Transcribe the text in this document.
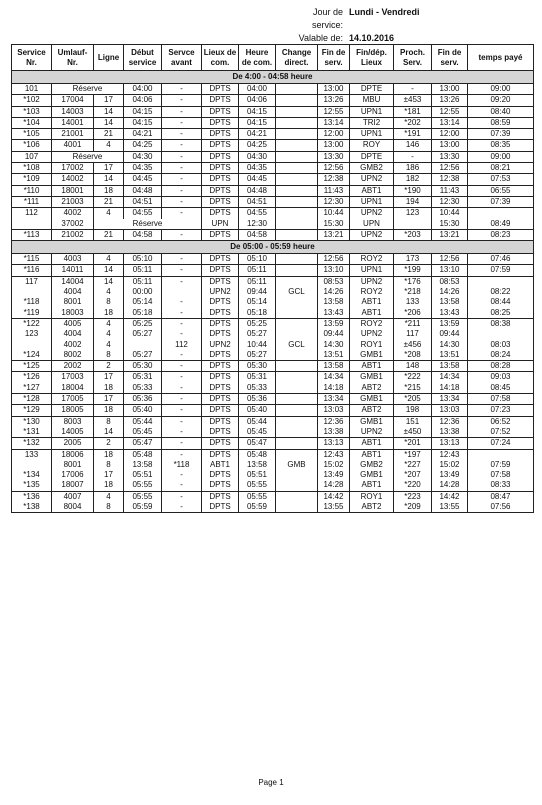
Jour de service:
Lundi - Vendredi
Valable de: 14.10.2016
Service Nr.	Umlauf-Nr.	Ligne	Début service	Servce avant	Lieux de com.	Heure de com.	Change direct.	Fin de serv.	Fin/dép. Lieux	Proch. Serv.	Fin de serv.	temps payé
De 4:00 - 04:58 heure												
101	Réserve		04:00	-	DPTS	04:00		13:00	DPTE	-	13:00	09:00
*102	17004	17	04:06	-	DPTS	04:06		13:26	MBU	±453	13:26	09:20
*103	14003	14	04:15	-	DPTS	04:15		12:55	UPN1	*181	12:55	08:40
*104	14001	14	04:15	-	DPTS	04:15		13:14	TRI2	*202	13:14	08:59
*105	21001	21	04:21	-	DPTS	04:21		12:00	UPN1	*191	12:00	07:39
*106	4001	4	04:25	-	DPTS	04:25		13:00	ROY	146	13:00	08:35
107	Réserve		04:30	-	DPTS	04:30		13:30	DPTE	-	13:30	09:00
*108	17002	17	04:35	-	DPTS	04:35		12:56	GMB2	186	12:56	08:21
*109	14002	14	04:45	-	DPTS	04:45		12:38	UPN2	182	12:38	07:53
*110	18001	18	04:48	-	DPTS	04:48		11:43	ABT1	*190	11:43	06:55
*111	21003	21	04:51	-	DPTS	04:51		12:30	UPN1	194	12:30	07:39
112	4002	4	04:55	-	DPTS	04:55		10:44	UPN2	123	10:44	
	37002	Réserve			UPN	12:30		15:30	UPN		15:30	08:49
*113	21002	21	04:58	-	DPTS	04:58		13:21	UPN2	*203	13:21	08:23
De 05:00 - 05:59 heure												
*115	4003	4	05:10	-	DPTS	05:10		12:56	ROY2	173	12:56	07:46
*116	14011	14	05:11	-	DPTS	05:11		13:10	UPN1	*199	13:10	07:59
117	14004	14	05:11	-	DPTS	05:11		08:53	UPN2	*176	08:53	
	4004	4	00:00		UPN2	09:44	GCL	14:26	ROY2	*218	14:26	08:22
*118	8001	8	05:14	-	DPTS	05:14		13:58	ABT1	133	13:58	08:44
*119	18003	18	05:18	-	DPTS	05:18		13:43	ABT1	*206	13:43	08:25
*122	4005	4	05:25	-	DPTS	05:25		13:59	ROY2	*211	13:59	08:38
123	4004	4	05:27	-	DPTS	05:27		09:44	UPN2	117	09:44	
	4002	4		112	UPN2	10:44	GCL	14:30	ROY1	±456	14:30	08:03
*124	8002	8	05:27	-	DPTS	05:27		13:51	GMB1	*208	13:51	08:24
*125	2002	2	05:30	-	DPTS	05:30		13:58	ABT1	148	13:58	08:28
*126	17003	17	05:31	-	DPTS	05:31		14:34	GMB1	*222	14:34	09:03
*127	18004	18	05:33	-	DPTS	05:33		14:18	ABT2	*215	14:18	08:45
*128	17005	17	05:36	-	DPTS	05:36		13:34	GMB1	*205	13:34	07:58
*129	18005	18	05:40	-	DPTS	05:40		13:03	ABT2	198	13:03	07:23
*130	8003	8	05:44	-	DPTS	05:44		12:36	GMB1	151	12:36	06:52
*131	14005	14	05:45	-	DPTS	05:45		13:38	UPN2	±450	13:38	07:52
*132	2005	2	05:47	-	DPTS	05:47		13:13	ABT1	*201	13:13	07:24
133	18006	18	05:48	-	DPTS	05:48		12:43	ABT1	*197	12:43	
	8001	8	13:58	*118	ABT1	13:58	GMB	15:02	GMB2	*227	15:02	07:59
*134	17006	17	05:51	-	DPTS	05:51		13:49	GMB1	*207	13:49	07:58
*135	18007	18	05:55	-	DPTS	05:55		14:28	ABT1	*220	14:28	08:33
*136	4007	4	05:55	-	DPTS	05:55		14:42	ROY1	*223	14:42	08:47
*138	8004	8	05:59	-	DPTS	05:59		13:55	ABT2	*209	13:55	07:56
Page 1
